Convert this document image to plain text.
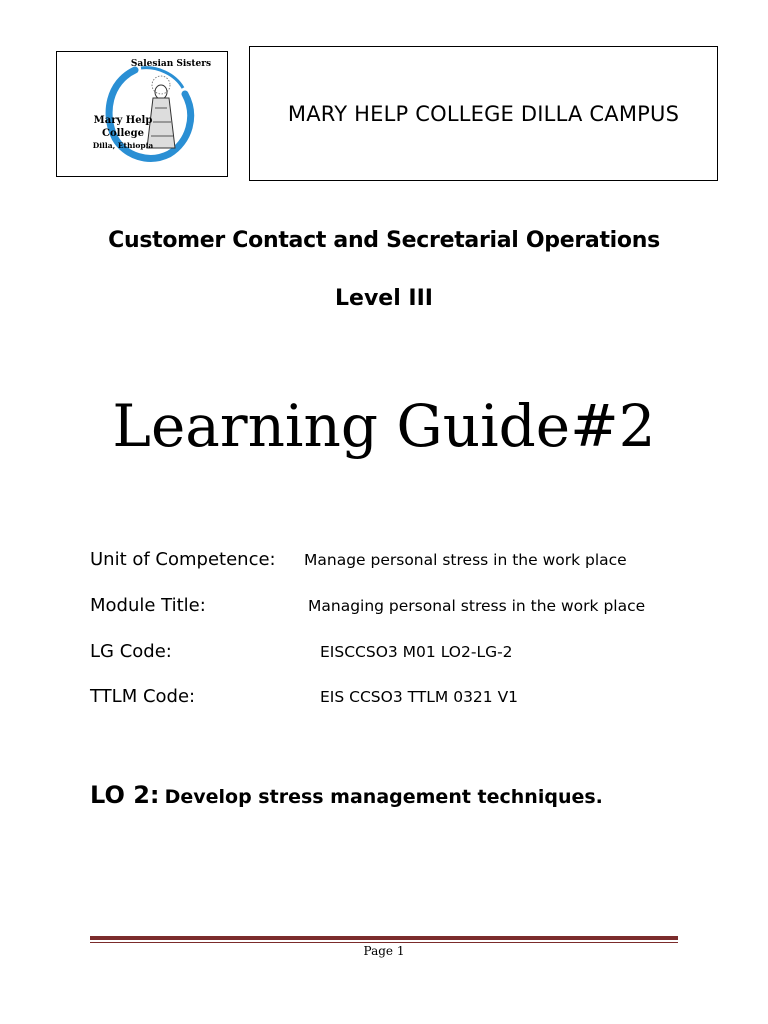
Salesian Sisters
Mary Help
College
Dilla, Ethiopia
MARY HELP COLLEGE DILLA CAMPUS
Customer Contact and Secretarial Operations
Level III
Learning Guide#2
Unit of Competence: Manage personal stress in the work place
Module Title:	Managing personal stress in the work place
LG Code:	EISCCSO3 M01 LO2-LG-2
TTLM Code:	EIS CCSO3 TTLM 0321 V1
LO 2: Develop stress management techniques.
Page 1
